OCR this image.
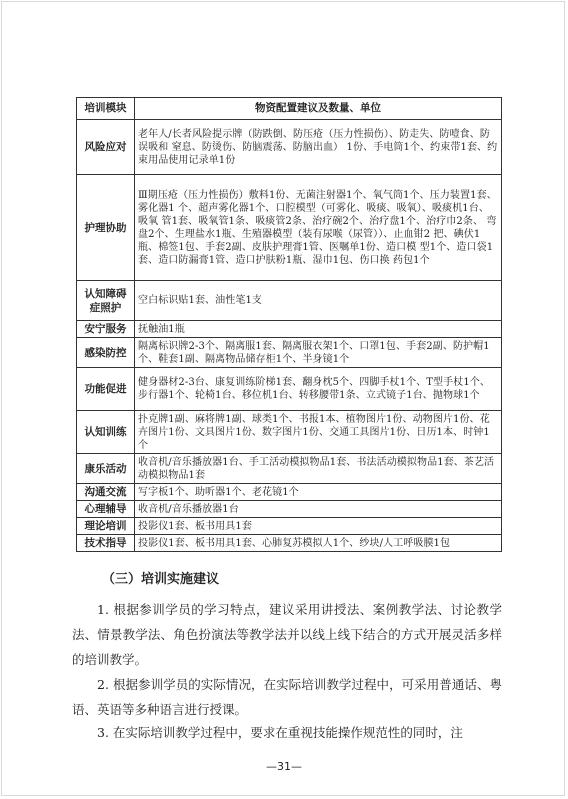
培训模块	物资配置建议及数量、单位
风险应对	老年人/长者风险提示牌（防跌倒、防压疮（压力性损伤）、防走失、防噎食、防误吸和 窒息、防烫伤、防脑震荡、防脑出血） 1份、手电筒1个、约束带1套、约 束用品使用记录单1份
护理协助	Ⅲ期压疮（压力性损伤）敷料1份、无菌注射器1个、氧气筒1个、压力装置1套、雾化器1 个、超声雾化器1个、口腔模型（可雾化、吸痰、吸氧）、吸痰机1台、吸氧 管1套、吸氧管1条、吸痰管2条、治疗碗2个、治疗盘1个、治疗巾2条、 弯盘2个、生理盐水1瓶、生殖器模型（装有尿喉（尿管））、止血钳2 把、碘伏1瓶、棉签1包、手套2副、皮肤护理膏1管、医嘱单1份、造口模 型1个、造口袋1套、造口防漏膏1管、造口护肤粉1瓶、湿巾1包、伤口换 药包1个
认知障碍症照护	空白标识贴1套、油性笔1支
安宁服务	抚触油1瓶
感染防控	隔离标识牌2-3个、隔离服1套、隔离服衣架1个、口罩1包、手套2副、防护帽1个、鞋套1副、隔离物品储存柜1个、半身镜1个
功能促进	健身器材2-3台、康复训练阶梯1套、翻身枕5个、四脚手杖1个、T型手杖1个、步行器1个、轮椅1台、移位机1台、转移腰带1条、立式镜子1台、抛物球1个
认知训练	扑克牌1副、麻将牌1副、球类1个、书报1本、植物图片1份、动物图片1份、花卉图片1份、文具图片1份、数字图片1份、交通工具图片1份、日历1本、时钟1个
康乐活动	收音机/音乐播放器1台、手工活动模拟物品1套、书法活动模拟物品1套、茶艺活动模拟物品1套
沟通交流	写字板1个、助听器1个、老花镜1个
心理辅导	收音机/音乐播放器1台
理论培训	投影仪1套、板书用具1套
技术指导	投影仪1套、板书用具1套、心肺复苏模拟人1个、纱块/人工呼吸膜1包
（三）培训实施建议

1. 根据参训学员的学习特点，建议采用讲授法、案例教学法、讨论教学法、情景教学法、角色扮演法等教学法并以线上线下结合的方式开展灵活多样的培训教学。

2. 根据参训学员的实际情况，在实际培训教学过程中，可采用普通话、粤语、英语等多种语言进行授课。

3. 在实际培训教学过程中，要求在重视技能操作规范性的同时，注

—31—
